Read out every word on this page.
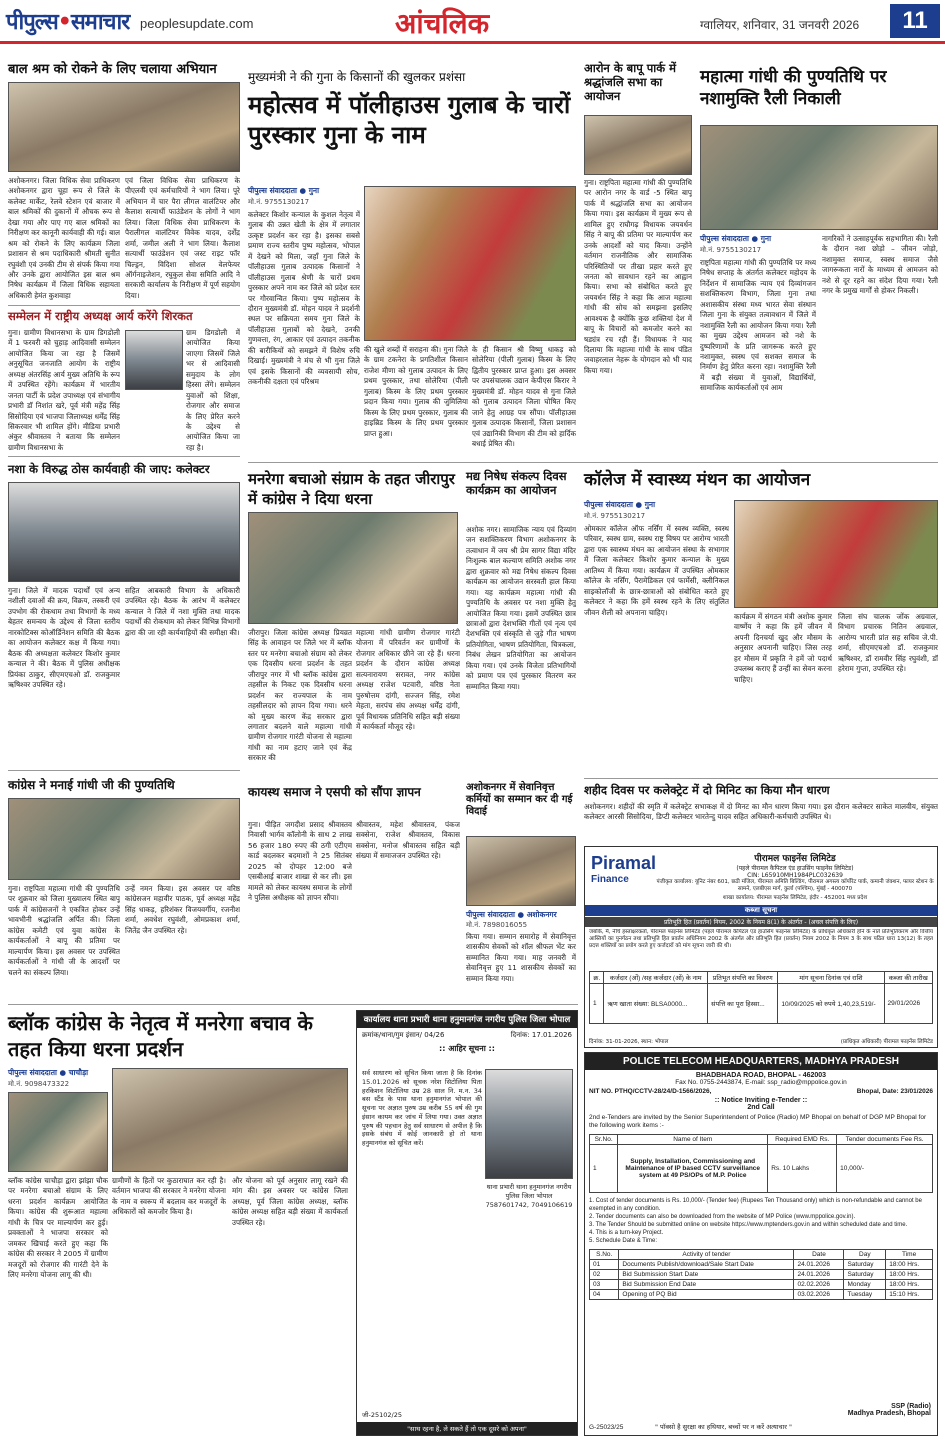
पीपुल्स•समाचार peoplesupdate.com	आंचलिक	ग्वालियर, शनिवार, 31 जनवरी 2026	11
बाल श्रम को रोकने के लिए चलाया अभियान
अशोकनगर। जिला विधिक सेवा प्राधिकरण अशोकनगर द्वारा चूहा रूप से जिले के कलेक्ट मार्केट, रेलवे स्टेशन एवं बाजार में बाल श्रमिकों की दुकानों में औचक रूप से देखा गया और पाए गए बाल श्रमिकों का निरीक्षण कर कानूनी कार्यवाही की गई। बाल श्रम को रोकने के लिए कार्यक्रम जिला प्रशासन से श्रम पदाधिकारी श्रीमती सुनीत रघुवंशी एवं उनकी टीम से संपर्क किया गया और उनके द्वारा आयोजित इस बाल श्रम निषेध कार्यक्रम में जिला विधिक सहायता अधिकारी हेमंत कुशवाहा
एवं जिला विधिक सेवा प्राधिकरण के पीएलवी एवं कर्मचारियों ने भाग लिया। पूरे अभियान में चार पैरा लीगल वालंटियर और कैलाश सत्यार्थी फाउंडेशन के लोगों ने भाग लिया। जिला विधिक सेवा प्राधिकरण के पैरालीगल वालंटियर विवेक यादव, दर्शेंद्र शर्मा, जमील अली ने भाग लिया। कैलाश सत्यार्थी फाउंडेशन एवं जस्ट राइट फॉर चिल्ड्रन, विदिशा सोशल वेलफेयर ऑर्गनाइजेशन, रघुकुल सेवा समिति आदि ने सरकारी कार्यालय के निरीक्षण में पूर्ण सहयोग दिया।
सम्मेलन में राष्ट्रीय अध्यक्ष आर्य करेंगे शिरकत
गुना। ग्रामीण विधानसभा के ग्राम डिगडोली में 1 फरवरी को चुहाड़ आदिवासी सम्मेलन आयोजित किया जा रहा है जिसमें अनुसूचित जनजाति आयोग के राष्ट्रीय अध्यक्ष अंतरसिंह आर्य मुख्य अतिथि के रूप में उपस्थित रहेंगे। कार्यक्रम में भारतीय जनता पार्टी के प्रदेश उपाध्यक्ष एवं संभागीय प्रभारी डॉ निशांत खरे, पूर्व मंत्री महेंद्र सिंह सिसोदिया एवं भाजपा जिलाध्यक्ष धर्मेंद्र सिंह सिकरवार भी शामिल होंगे। मीडिया प्रभारी अंकुर श्रीवास्तव ने बताया कि सम्मेलन ग्रामीण विधानसभा के
ग्राम डिगडोली में आयोजित किया जाएगा जिसमें जिले भर से आदिवासी समुदाय के लोग हिस्सा लेंगे। सम्मेलन युवाओं को शिक्षा, रोजगार और समाज के लिए प्रेरित करने के उद्देश्य से आयोजित किया जा रहा है।
मुख्यमंत्री ने की गुना के किसानों की खुलकर प्रशंसा
महोत्सव में पॉलीहाउस गुलाब के चारों पुरस्कार गुना के नाम
पीपुल्स संवाददाता ● गुना
मो.नं. 9755130217
कलेक्टर किशोर कन्याल के कुशल नेतृत्व में गुलाब की उन्नत खेती के क्षेत्र में लगातार उत्कृष्ट प्रदर्शन कर रहा है। इसका सबसे प्रमाण राज्य स्तरीय पुष्प महोत्सव, भोपाल में देखने को मिला, जहाँ गुना जिले के पॉलीहाउस गुलाब उत्पादक किसानों ने पॉलीहाउस गुलाब श्रेणी के चारों प्रथम पुरस्कार अपने नाम कर जिले को प्रदेश स्तर पर गौरवान्वित किया। पुष्प महोत्सव के दौरान मुख्यमंत्री डॉ. मोहन यादव ने प्रदर्शनी स्थल पर सक्रियता समय गुना जिले के पॉलीहाउस गुलाबों को देखने, उनकी गुणवत्ता, रंग, आकार एवं उत्पादन तकनीक की बारीकियों को समझने में विशेष रुचि दिखाई। मुख्यमंत्री ने मंच से भी गुना जिले एवं इसके किसानों की व्यवसायी सोच, तकनीकी दक्षता एवं परिश्रम
की खुले शब्दों में सराहना की। गुना जिले के ग्राम टकनेरा के प्रगतिशील किसान राजेश मीणा को गुलाब उत्पादन के लिए प्रथम पुरस्कार, तथा सोलेरिया (पीली गुलाब) किस्म के लिए प्रथम पुरस्कार प्रदान किया गया। गुलाब की जुमिलिया किस्म के लिए प्रथम पुरस्कार, गुलाब की हाइब्रिड किस्म के लिए प्रथम पुरस्कार प्राप्त हुआ।
के ही किसान श्री विष्णु धाकड़ को सोलेरिया (पीली गुलाब) किस्म के लिए द्वितीय पुरस्कार प्राप्त हुआ। इस अवसर पर उपसंचालक उद्यान केपीएस किरार ने मुख्यमंत्री डॉ. मोहन यादव से गुना जिले को गुलाब उत्पादन जिला घोषित किए जाने हेतु आग्रह पत्र सौंपा। पॉलीहाउस गुलाब उत्पादक किसानों, जिला प्रशासन एवं उद्यानिकी विभाग की टीम को हार्दिक बधाई प्रेषित की।
आरोन के बापू पार्क में श्रद्धांजलि सभा का आयोजन
गुना। राष्ट्रपिता महात्मा गांधी की पुण्यतिथि पर आरोन नगर के वार्ड -5 स्थित बापू पार्क में श्रद्धांजलि सभा का आयोजन किया गया। इस कार्यक्रम में मुख्य रूप से शामिल हुए राघौगढ़ विधायक जयवर्धन सिंह ने बापू की प्रतिमा पर माल्यार्पण कर उनके आदर्शों को याद किया। उन्होंने वर्तमान राजनीतिक और सामाजिक परिस्थितियों पर तीखा प्रहार करते हुए जनता को सावधान रहने का आह्वान किया। सभा को संबोधित करते हुए जयवर्धन सिंह ने कहा कि आज महात्मा गांधी की सोच को समझना इसलिए आवश्यक है क्योंकि कुछ शक्तियां देश में बापू के विचारों को कमजोर करने का षड्यंत्र रच रही हैं। विधायक ने याद दिलाया कि महात्मा गांधी के साथ पंडित जवाहरलाल नेहरू के योगदान को भी याद किया गया।
महात्मा गांधी की पुण्यतिथि पर नशामुक्ति रैली निकाली
पीपुल्स संवाददाता ● गुना
मो.नं. 9755130217
राष्ट्रपिता महात्मा गांधी की पुण्यतिथि पर मध्य निषेध सप्ताह के अंतर्गत कलेक्टर महोदय के निर्देशन में सामाजिक न्याय एवं दिव्यांगजन सशक्तिकरण विभाग, जिला गुना तथा अशासकीय संस्था मध्य भारत सेवा संस्थान जिला गुना के संयुक्त तत्वावधान में जिले में नशामुक्ति रैली का आयोजन किया गया। रैली का मुख्य उद्देश्य आमजन को नशे के दुष्परिणामों के प्रति जागरूक करते हुए नशामुक्त, स्वस्थ एवं सशक्त समाज के निर्माण हेतु प्रेरित करना रहा। नशामुक्ति रैली में बड़ी संख्या में युवाओं, विद्यार्थियों, सामाजिक कार्यकर्ताओं एवं आम
नागरिकों ने उत्साहपूर्वक सहभागिता की। रैली के दौरान नशा छोड़ो – जीवन जोड़ो, नशामुक्त समाज, स्वस्थ समाज जैसे जागरूकता नारों के माध्यम से आमजन को नशे से दूर रहने का संदेश दिया गया। रैली नगर के प्रमुख मार्गों से होकर निकली।
मनरेगा बचाओ संग्राम के तहत जीरापुर में कांग्रेस ने दिया धरना
जीरापुर। जिला कांग्रेस अध्यक्ष प्रियव्रत सिंह के आवाहन पर जिले भर में ब्लॉक स्तर पर मनरेगा बचाओ संग्राम को लेकर एक दिवसीय धरना प्रदर्शन के तहत जीरापुर नगर में भी ब्लॉक कांग्रेस द्वारा तहसील के निकट एक दिवसीय धरना प्रदर्शन कर राज्यपाल के नाम तहसीलदार को ज्ञापन दिया गया। धरने को मुख्य कारण केंद्र सरकार द्वारा लगातार बदलने वाले महात्मा गांधी ग्रामीण रोजगार गारंटी योजना से महात्मा गांधी का नाम हटाए जाने एवं केंद्र सरकार की
महात्मा गांधी ग्रामीण रोजगार गारंटी योजना में परिवर्तन कर ग्रामीणों के रोजगार अधिकार छीने जा रहे हैं। धरना प्रदर्शन के दौरान कांग्रेस अध्यक्ष सत्यनारायण सरावत, नगर कांग्रेस अध्यक्ष राजेश पटवारी, वरिष्ठ नेता पुरुषोत्तम दांगी, सज्जन सिंह, रमेश मेहता, सरपंच संघ अध्यक्ष धर्मेंद्र दांगी, पूर्व विधायक प्रतिनिधि सहित बड़ी संख्या में कार्यकर्ता मौजूद रहे।
मद्य निषेध संकल्प दिवस कार्यक्रम का आयोजन
अशोक नगर। सामाजिक न्याय एवं दिव्यांग जन सशक्तिकरण विभाग अशोकनगर के तत्वाधान में जय श्री प्रेम सागर विद्या मंदिर निःशुल्क बाल कल्याण समिति अशोक नगर द्वारा शुक्रवार को मद्य निषेध संकल्प दिवस कार्यक्रम का आयोजन सरस्वती हाल किया गया। यह कार्यक्रम महात्मा गांधी की पुण्यतिथि के अवसर पर नशा मुक्ति हेतु आयोजित किया गया। इसमें उपस्थित छात्र छात्राओं द्वारा देशभक्ति गीतों एवं नृत्य एवं देशभक्ति एवं संस्कृति से जुड़े गीत भाषण प्रतियोगिता, भाषण प्रतियोगिता, चित्रकला, निबंध लेखन प्रतियोगिता का आयोजन किया गया। एवं उनके विजेता प्रतिभागियों को प्रमाण पत्र एवं पुरस्कार वितरण कर सम्मानित किया गया।
कॉलेज में स्वास्थ्य मंथन का आयोजन
पीपुल्स संवाददाता ● गुना
मो.नं. 9755130217
ओमकार कॉलेज ऑफ नर्सिंग में स्वस्थ व्यक्ति, स्वस्थ परिवार, स्वस्थ ग्राम, स्वस्थ राष्ट्र विषय पर आरोग्य भारती द्वारा एक स्वास्थ्य मंथन का आयोजन संस्था के सभागार में जिला कलेक्टर किशोर कुमार कन्याल के मुख्य आतिथ्य में किया गया। कार्यक्रम में उपस्थित ओमकार कॉलेज के नर्सिंग, पैरामेडिकल एवं फार्मेसी, क्लीनिकल साइकोलॉजी के छात्र-छात्राओं को संबोधित करते हुए कलेक्टर ने कहा कि हमें स्वस्थ रहने के लिए संतुलित जीवन शैली को अपनाना चाहिए।	कार्यक्रम में संगठन मंत्री अशोक कुमार वार्ष्णेय ने कहा कि हमें जीवन में अपनी दिनचर्या खुद और मौसम के अनुसार अपनानी चाहिए। जिस तरह हर मौसम में प्रकृति ने हमें जो पदार्थ उपलब्ध कराए हैं उन्हीं का सेवन करना चाहिए।
जिला संघ चालक जोंक अग्रवाल, विभाग प्रचारक नितिन अग्रवाल, आरोग्य भारती प्रांत सह सचिव जे.पी. शर्मा, सीएमएचओ डॉ. राजकुमार ऋषिश्वर, डॉ रामवीर सिंह रघुवंशी, डॉ हरेराम गुप्ता, उपस्थित रहे।
नशा के विरुद्ध ठोस कार्यवाही की जाए: कलेक्टर
गुना। जिले में मादक पदार्थों एवं अन्य नशीली दवाओं की क्रय, विक्रय, तस्करी एवं उपभोग की रोकथाम तथा विभागों के मध्य बेहतर समन्वय के उद्देश्य से जिला स्तरीय नारकोटिक्स कोऑर्डिनेशन समिति की बैठक का आयोजन कलेक्टर कक्ष में किया गया। बैठक की अध्यक्षता कलेक्टर किशोर कुमार कन्याल ने की। बैठक में पुलिस अधीक्षक प्रियंका ठाकुर, सीएमएचओ डॉ. राजकुमार ऋषिश्वर उपस्थित रहे।
सहित आबकारी विभाग के अधिकारी उपस्थित रहे। बैठक के आरंभ में कलेक्टर कन्याल ने जिले में नशा मुक्ति तथा मादक पदार्थों की रोकथाम को लेकर विभिन्न विभागों द्वारा की जा रही कार्यवाहियों की समीक्षा की।
कायस्थ समाज ने एसपी को सौंपा ज्ञापन
गुना। पीड़ित जगदीश प्रसाद श्रीवास्तव निवासी भार्गव कॉलोनी के साथ 2 लाख 56 हजार 180 रुपए की ठगी एटीएम कार्ड बदलकर बदमाशों ने 25 सितंबर 2025 को दोपहर 12:00 बजे एसबीआई बाजार शाखा से कर ली। इस मामले को लेकर कायस्थ समाज के लोगों ने पुलिस अधीक्षक को ज्ञापन सौंपा।
श्रीवास्तव, महेश श्रीवास्तव, पंकज सक्सेना, राजेश श्रीवास्तव, विकास सक्सेना, मनोज श्रीवास्तव सहित बड़ी संख्या में समाजजन उपस्थित रहे।
अशोकनगर में सेवानिवृत्त कर्मियों का सम्मान कर दी गई विदाई
पीपुल्स संवाददाता ● अशोकनगर
मो.नं. 7898016055
किया गया। सम्मान समारोह में सेवानिवृत्त शासकीय सेवकों को शॉल श्रीफल भेंट कर सम्मानित किया गया। माह जनवरी में सेवानिवृत्त हुए 11 शासकीय सेवकों का सम्मान किया गया।
शहीद दिवस पर कलेक्ट्रेट में दो मिनिट का किया मौन धारण
अशोकनगर। शहीदों की स्मृति में कलेक्ट्रेट सभाकक्ष में दो मिनट का मौन धारण किया गया। इस दौरान कलेक्टर साकेत मालवीय, संयुक्त कलेक्टर आरसी सिसोदिया, डिप्टी कलेक्टर भारतेन्दु यादव सहित अधिकारी-कर्मचारी उपस्थित थे।
कांग्रेस ने मनाई गांधी जी की पुण्यतिथि
गुना। राष्ट्रपिता महात्मा गांधी की पुण्यतिथि पर शुक्रवार को जिला मुख्यालय स्थित बापू पार्क में कांग्रेसजनों ने एकत्रित होकर उन्हें भावभीनी श्रद्धांजलि अर्पित की। जिला कांग्रेस कमेटी एवं युवा कांग्रेस के कार्यकर्ताओं ने बापू की प्रतिमा पर माल्यार्पण किया। इस अवसर पर उपस्थित कार्यकर्ताओं ने गांधी जी के आदर्शों पर चलने का संकल्प लिया।
उन्हें नमन किया। इस अवसर पर वरिष्ठ कांग्रेसजन महावीर पाठक, पूर्व अध्यक्ष महेंद्र सिंह धाकड़, हरिशंकर विजयवर्गीय, रजनीश शर्मा, अवधेश रघुवंशी, ओमप्रकाश शर्मा, जितेंद्र जैन उपस्थित रहे।
ब्लॉक कांग्रेस के नेतृत्व में मनरेगा बचाव के तहत किया धरना प्रदर्शन
पीपुल्स संवाददाता ● चाचौड़ा
मो.नं. 9098473322
ब्लॉक कांग्रेस चाचौड़ा द्वारा झांझा चौक पर मनरेगा बचाओ संग्राम के लिए धरना प्रदर्शन कार्यक्रम आयोजित किया। कांग्रेस की शुरूआत महात्मा गांधी के चित्र पर माल्यार्पण कर हुई। प्रवक्ताओं ने भाजपा सरकार को जमकर खिचाई करते हुए कहा कि कांग्रेस की सरकार ने 2005 में ग्रामीण मजदूरों को रोजगार की गारंटी देने के लिए मनरेगा योजना लागू की थी।
ग्रामीणों के हितों पर कुठाराघात कर रही है। वर्तमान भाजपा की सरकार ने मनरेगा योजना के नाम व स्वरूप में बदलाव कर मजदूरों के अधिकारों को कमजोर किया है।
और योजना को पूर्व अनुसार लागू रखने की मांग की। इस अवसर पर कांग्रेस जिला अध्यक्ष, पूर्व जिला कांग्रेस अध्यक्ष, ब्लॉक कांग्रेस अध्यक्ष सहित बड़ी संख्या में कार्यकर्ता उपस्थित रहे।
कार्यालय थाना प्रभारी थाना हनुमानगंज नगरीय पुलिस जिला भोपाल
क्रमांक/थाना/गुम इंसान/ 04/26	दिनांक: 17.01.2026
:: आहिर सूचना ::
सर्व साधारण को सूचित किया जाता है कि दिनांक 15.01.2026 को सूचक नरेश सिटोलिया पिता हरकिशन सिटोलिया उम्र 28 साल नि. म.न. 34 बस स्टैंड के पास थाना हनुमानगंज भोपाल की सूचना पर अज्ञात पुरुष उम्र करीब 55 वर्ष की गुम इंसान कायम कर जांच में लिया गया। उक्त अज्ञात पुरुष की पहचान हेतु सर्व साधारण से अपील है कि इसके संबंध में कोई जानकारी हो तो थाना हनुमानगंज को सूचित करें।
थाना प्रभारी थाना हनुमानगंज नगरीय पुलिस जिला भोपाल 7587601742, 7049106619
जी-25102/25
"साथ रहना है, ले सकते हैं तो एक दूसरे को अपना"
Piramal
Finance
पीरामल फाइनेंस लिमिटेड
(पहले पीरामल कैपिटल एंड हाउसिंग फाइनेंस लिमिटेड)
CIN: L65910MH1984PLC032639
पंजीकृत कार्यालय: यूनिट नंबर 601, छठी मंजिल, पीरामल अमिति बिल्डिंग, पीरामल अगस्त्य कॉर्पोरेट पार्क, कमानी जंक्शन, फायर स्टेशन के सामने, एलबीएस मार्ग, कुर्ला (पश्चिम), मुंबई - 400070
शाखा कार्यालय: पीरामल फाइनेंस लिमिटेड, इंदौर - 452001 मध्य प्रदेश
कब्जा सूचना
प्रतिभूति हित (प्रवर्तन) नियम, 2002 के नियम 8(1) के अंतर्गत - (अचल संपत्ति के लिए)
जबकि, मैं, नीचे हस्ताक्षरकर्ता, पीरामल फाइनेंस लिमिटेड (पहले पीरामल कैपिटल एंड हाउसिंग फाइनेंस लिमिटेड) के प्राधिकृत अधिकारी होने के नाते प्रतिभूतिकरण और वित्तीय आस्तियों का पुनर्गठन तथा प्रतिभूति हित प्रवर्तन अधिनियम 2002 के अंतर्गत और प्रतिभूति हित (प्रवर्तन) नियम 2002 के नियम 3 के साथ पठित धारा 13(12) के तहत प्रदत्त शक्तियों का प्रयोग करते हुए कर्जदारों को मांग सूचना जारी की थी।
क्र.	कर्जदार (ओं) /सह कर्जदार (ओं) के नाम	प्रतिभूत संपत्ति का विवरण	मांग सूचना दिनांक एवं राशि	कब्जा की तारीख
1	ऋण खाता संख्या: BLSA0000...	संपत्ति का पूरा हिस्सा...	10/09/2025 को रुपये 1,40,23,519/-	29/01/2026
दिनांक: 31-01-2026, स्थान: भोपाल	(प्राधिकृत अधिकारी) पीरामल फाइनेंस लिमिटेड
POLICE TELECOM HEADQUARTERS, MADHYA PRADESH
BHADBHADA ROAD, BHOPAL - 462003
Fax No. 0755-2443874, E-mail: ssp_radio@mppolice.gov.in
NIT NO. PTHQ/CCTV-28/24/D-1566/2026,	Bhopal, Date: 23/01/2026
:: Notice Inviting e-Tender ::
2nd Call
2nd e-Tenders are invited by the Senior Superintendent of Police (Radio) MP Bhopal on behalf of DGP MP Bhopal for the following work items :-
Sr.No.	Name of Item	Required EMD Rs.	Tender documents Fee Rs.
1	Supply, Installation, Commissioning and Maintenance of IP based CCTV surveillance system at 49 PS/OPs of M.P. Police	Rs. 10 Lakhs	10,000/-
1. Cost of tender documents is Rs. 10,000/- (Tender fee) (Rupees Ten Thousand only) which is non-refundable and cannot be exempted in any condition.
2. Tender documents can also be downloaded from the website of MP Police (www.mppolice.gov.in).
3. The Tender Should be submitted online on website https://www.mptenders.gov.in and within scheduled date and time.
4. This is a turn-key Project.
5. Schedule Date & Time:
S.No.	Activity of tender	Date	Day	Time
01	Documents Publish/download/Sale Start Date	24.01.2026	Saturday	18:00 Hrs.
02	Bid Submission Start Date	24.01.2026	Saturday	18:00 Hrs.
03	Bid Submission End Date	02.02.2026	Monday	18:00 Hrs.
04	Opening of PQ Bid	03.02.2026	Tuesday	15:10 Hrs.
SSP (Radio)
Madhya Pradesh, Bhopal
G-25023/25	" पॉक्सो है सुरक्षा का हथियार, बच्चों पर न करें अत्याचार "
